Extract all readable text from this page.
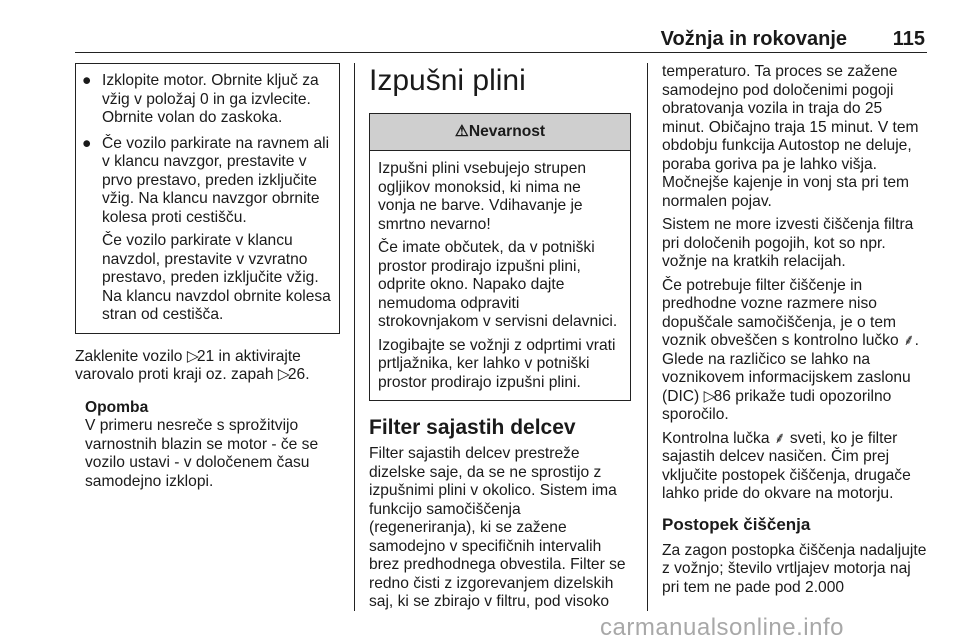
Vožnja in rokovanje 115
● Izklopite motor. Obrnite ključ za vžig v položaj 0 in ga izvlecite. Obrnite volan do zaskoka.
● Če vozilo parkirate na ravnem ali v klancu navzgor, prestavite v prvo prestavo, preden izključite vžig. Na klancu navzgor obrnite kolesa proti cestišču.
Če vozilo parkirate v klancu navzdol, prestavite v vzvratno prestavo, preden izključite vžig. Na klancu navzdol obrnite kolesa stran od cestišča.

Zaklenite vozilo ▷21 in aktivirajte varovalo proti kraji oz. zapah ▷26.

Opomba
V primeru nesreče s sprožitvijo varnostnih blazin se motor - če se vozilo ustavi - v določenem času samodejno izklopi.
Izpušni plini
⚠Nevarnost

Izpušni plini vsebujejo strupen ogljikov monoksid, ki nima ne vonja ne barve. Vdihavanje je smrtno nevarno!

Če imate občutek, da v potniški prostor prodirajo izpušni plini, odprite okno. Napako dajte nemudoma odpraviti strokovnjakom v servisni delavnici.

Izogibajte se vožnji z odprtimi vrati prtljažnika, ker lahko v potniški prostor prodirajo izpušni plini.

Filter sajastih delcev

Filter sajastih delcev prestreže dizelske saje, da se ne sprostijo z izpušnimi plini v okolico. Sistem ima funkcijo samočiščenja (regeneriranja), ki se zažene samodejno v specifičnih intervalih brez predhodnega obvestila. Filter se redno čisti z izgorevanjem dizelskih saj, ki se zbirajo v filtru, pod visoko

temperaturo. Ta proces se zažene samodejno pod določenimi pogoji obratovanja vozila in traja do 25 minut. Običajno traja 15 minut. V tem obdobju funkcija Autostop ne deluje, poraba goriva pa je lahko višja. Močnejše kajenje in vonj sta pri tem normalen pojav.

Sistem ne more izvesti čiščenja filtra pri določenih pogojih, kot so npr. vožnje na kratkih relacijah.

Če potrebuje filter čiščenje in predhodne vozne razmere niso dopuščale samočiščenja, je o tem voznik obveščen s kontrolno lučko ⸙. Glede na različico se lahko na voznikovem informacijskem zaslonu (DIC) ▷86 prikaže tudi opozorilno sporočilo.

Kontrolna lučka ⸙ sveti, ko je filter sajastih delcev nasičen. Čim prej vključite postopek čiščenja, drugače lahko pride do okvare na motorju.

Postopek čiščenja

Za zagon postopka čiščenja nadaljujte z vožnjo; število vrtljajev motorja naj pri tem ne pade pod 2.000

carmanualsonline.info
